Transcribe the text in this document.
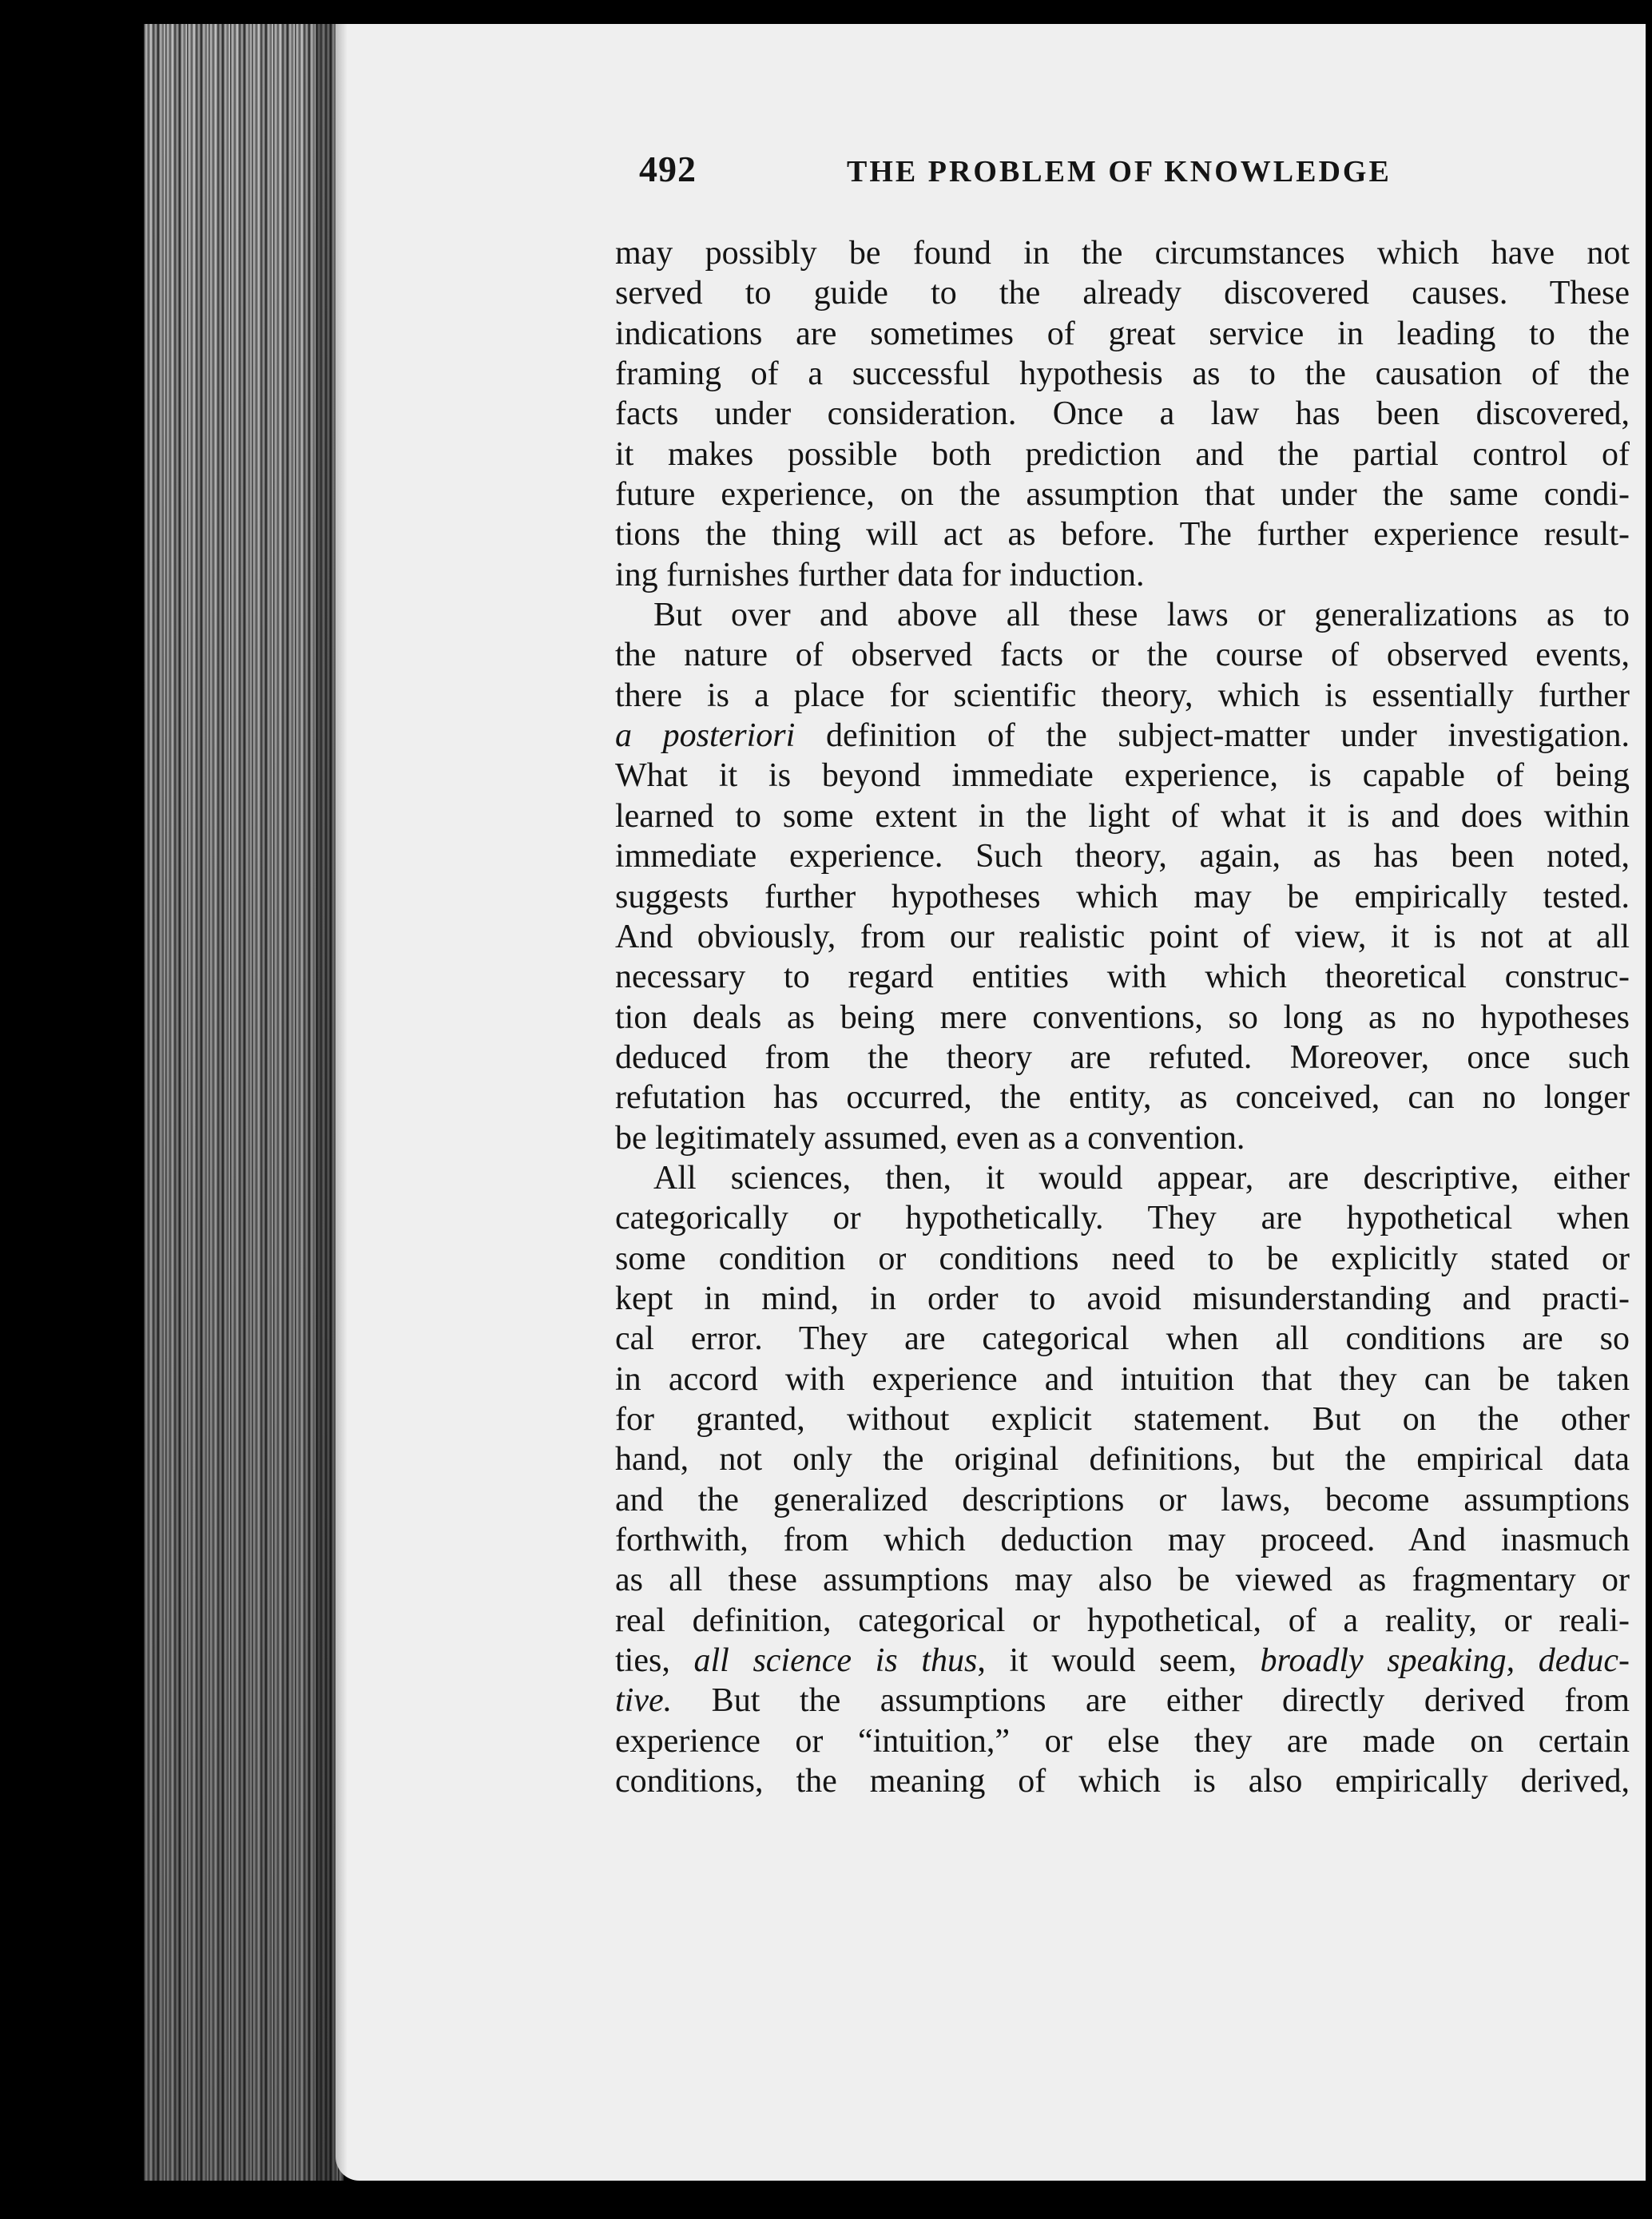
492	THE PROBLEM OF KNOWLEDGE
may possibly be found in the circumstances which have not
served to guide to the already discovered causes. These
indications are sometimes of great service in leading to the
framing of a successful hypothesis as to the causation of the
facts under consideration. Once a law has been discovered,
it makes possible both prediction and the partial control of
future experience, on the assumption that under the same condi-
tions the thing will act as before. The further experience result-
ing furnishes further data for induction.
But over and above all these laws or generalizations as to
the nature of observed facts or the course of observed events,
there is a place for scientific theory, which is essentially further
a posteriori definition of the subject-matter under investigation.
What it is beyond immediate experience, is capable of being
learned to some extent in the light of what it is and does within
immediate experience. Such theory, again, as has been noted,
suggests further hypotheses which may be empirically tested.
And obviously, from our realistic point of view, it is not at all
necessary to regard entities with which theoretical construc-
tion deals as being mere conventions, so long as no hypotheses
deduced from the theory are refuted. Moreover, once such
refutation has occurred, the entity, as conceived, can no longer
be legitimately assumed, even as a convention.
All sciences, then, it would appear, are descriptive, either
categorically or hypothetically. They are hypothetical when
some condition or conditions need to be explicitly stated or
kept in mind, in order to avoid misunderstanding and practi-
cal error. They are categorical when all conditions are so
in accord with experience and intuition that they can be taken
for granted, without explicit statement. But on the other
hand, not only the original definitions, but the empirical data
and the generalized descriptions or laws, become assumptions
forthwith, from which deduction may proceed. And inasmuch
as all these assumptions may also be viewed as fragmentary or
real definition, categorical or hypothetical, of a reality, or reali-
ties, all science is thus, it would seem, broadly speaking, deduc-
tive. But the assumptions are either directly derived from
experience or “intuition,” or else they are made on certain
conditions, the meaning of which is also empirically derived,
